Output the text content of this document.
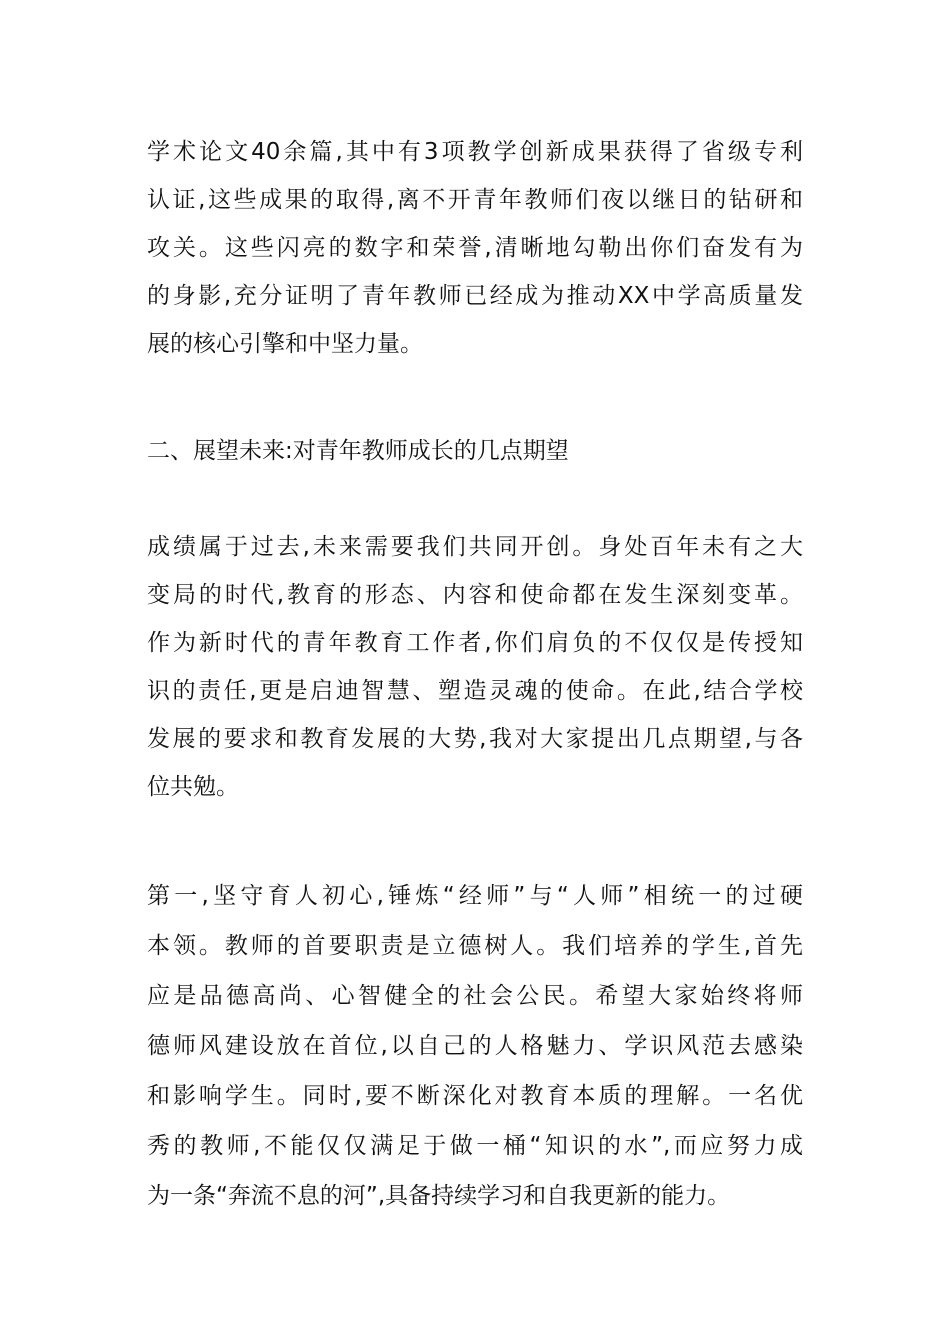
学术论文40余篇,其中有3项教学创新成果获得了省级专利
认证,这些成果的取得,离不开青年教师们夜以继日的钻研和
攻关。这些闪亮的数字和荣誉,清晰地勾勒出你们奋发有为
的身影,充分证明了青年教师已经成为推动XX中学高质量发
展的核心引擎和中坚力量。
二、展望未来:对青年教师成长的几点期望
成绩属于过去,未来需要我们共同开创。身处百年未有之大
变局的时代,教育的形态、内容和使命都在发生深刻变革。
作为新时代的青年教育工作者,你们肩负的不仅仅是传授知
识的责任,更是启迪智慧、塑造灵魂的使命。在此,结合学校
发展的要求和教育发展的大势,我对大家提出几点期望,与各
位共勉。
第一,坚守育人初心,锤炼“经师”与“人师”相统一的过硬
本领。教师的首要职责是立德树人。我们培养的学生,首先
应是品德高尚、心智健全的社会公民。希望大家始终将师
德师风建设放在首位,以自己的人格魅力、学识风范去感染
和影响学生。同时,要不断深化对教育本质的理解。一名优
秀的教师,不能仅仅满足于做一桶“知识的水”,而应努力成
为一条“奔流不息的河”,具备持续学习和自我更新的能力。
